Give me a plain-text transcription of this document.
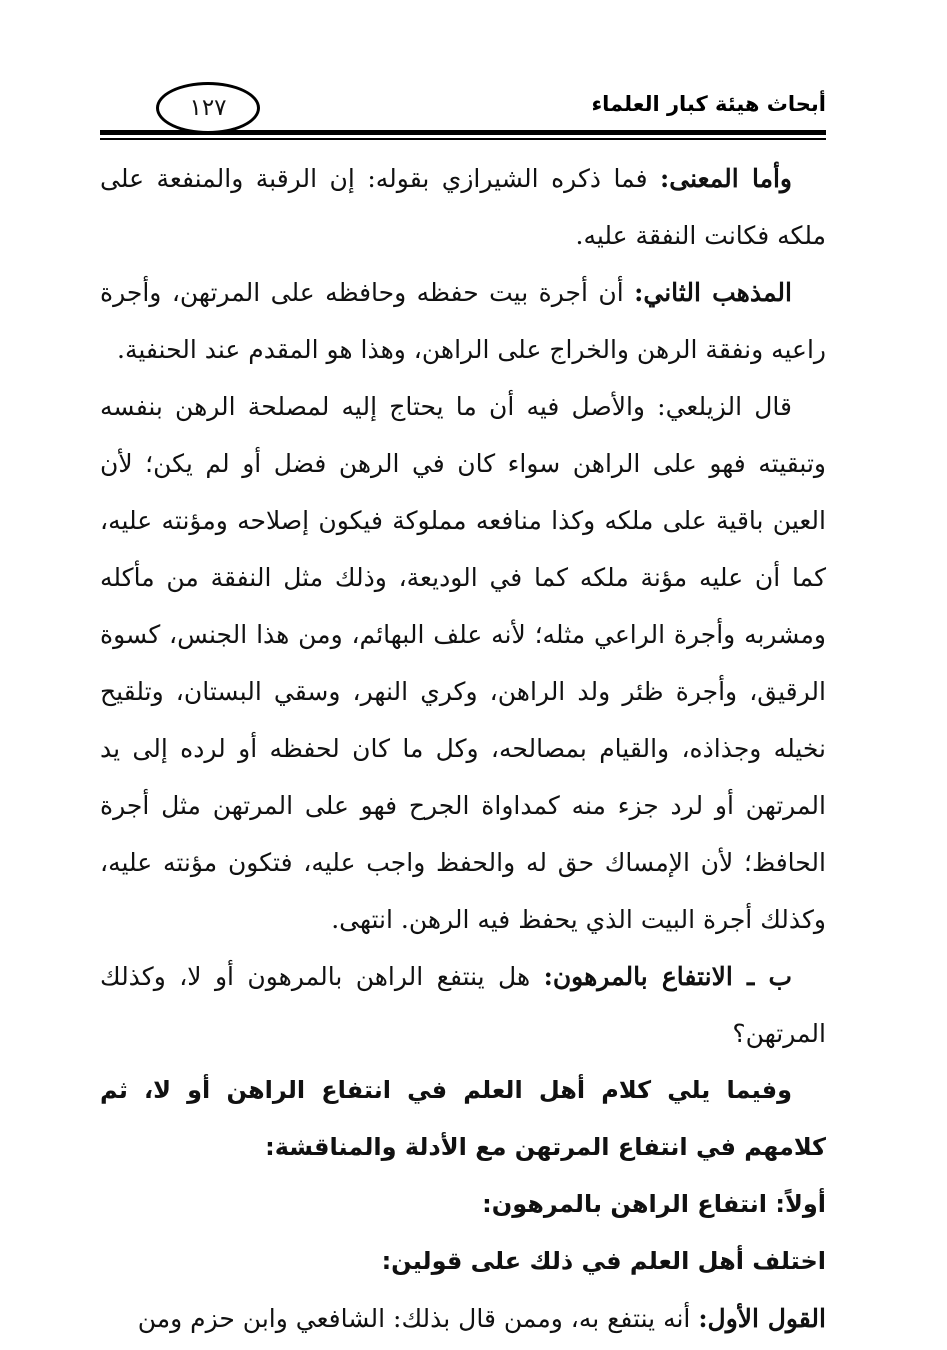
أبحاث هيئة كبار العلماء
١٢٧

وأما المعنى: فما ذكره الشيرازي بقوله: إن الرقبة والمنفعة على ملكه فكانت النفقة عليه.

المذهب الثاني: أن أجرة بيت حفظه وحافظه على المرتهن، وأجرة راعيه ونفقة الرهن والخراج على الراهن، وهذا هو المقدم عند الحنفية.

قال الزيلعي: والأصل فيه أن ما يحتاج إليه لمصلحة الرهن بنفسه وتبقيته فهو على الراهن سواء كان في الرهن فضل أو لم يكن؛ لأن العين باقية على ملكه وكذا منافعه مملوكة فيكون إصلاحه ومؤنته عليه، كما أن عليه مؤنة ملكه كما في الوديعة، وذلك مثل النفقة من مأكله ومشربه وأجرة الراعي مثله؛ لأنه علف البهائم، ومن هذا الجنس، كسوة الرقيق، وأجرة ظئر ولد الراهن، وكري النهر، وسقي البستان، وتلقيح نخيله وجذاذه، والقيام بمصالحه، وكل ما كان لحفظه أو لرده إلى يد المرتهن أو لرد جزء منه كمداواة الجرح فهو على المرتهن مثل أجرة الحافظ؛ لأن الإمساك حق له والحفظ واجب عليه، فتكون مؤنته عليه، وكذلك أجرة البيت الذي يحفظ فيه الرهن. انتهى.

ب ـ الانتفاع بالمرهون: هل ينتفع الراهن بالمرهون أو لا، وكذلك المرتهن؟

وفيما يلي كلام أهل العلم في انتفاع الراهن أو لا، ثم كلامهم في انتفاع المرتهن مع الأدلة والمناقشة:

أولاً: انتفاع الراهن بالمرهون:

اختلف أهل العلم في ذلك على قولين:

القول الأول: أنه ينتفع به، وممن قال بذلك: الشافعي وابن حزم ومن
